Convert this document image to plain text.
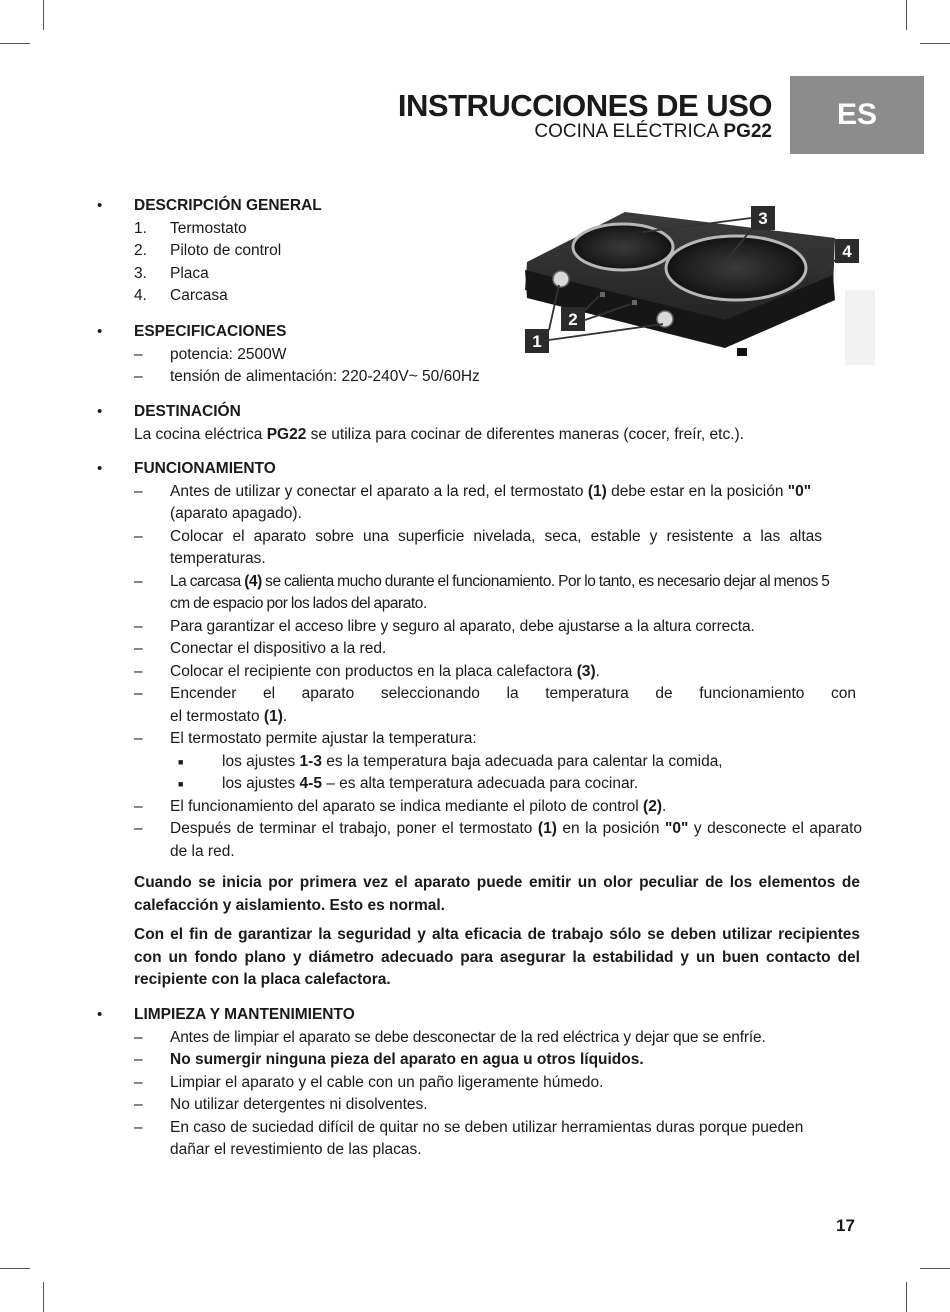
INSTRUCCIONES DE USO
COCINA ELÉCTRICA PG22
ES
1
2
3
4
• DESCRIPCIÓN GENERAL
1.	Termostato
2.	Piloto de control
3.	Placa
4.	Carcasa
• ESPECIFICACIONES
–	potencia: 2500W
–	tensión de alimentación: 220-240V~ 50/60Hz
• DESTINACIÓN
La cocina eléctrica PG22 se utiliza para cocinar de diferentes maneras (cocer, freír, etc.).
• FUNCIONAMIENTO
–	Antes de utilizar y conectar el aparato a la red, el termostato (1) debe estar en la posición "0" (aparato apagado).
–	Colocar el aparato sobre una superficie nivelada, seca, estable y resistente a las altas temperaturas.
–	La carcasa (4) se calienta mucho durante el funcionamiento. Por lo tanto, es necesario dejar al menos 5 cm de espacio por los lados del aparato.
–	Para garantizar el acceso libre y seguro al aparato, debe ajustarse a la altura correcta.
–	Conectar el dispositivo a la red.
–	Colocar el recipiente con productos en la placa calefactora (3).
–	Encender el aparato seleccionando la temperatura de funcionamiento con
el termostato (1).
–	El termostato permite ajustar la temperatura:
■	los ajustes 1-3 es la temperatura baja adecuada para calentar la comida,
■	los ajustes 4-5 – es alta temperatura adecuada para cocinar.
–	El funcionamiento del aparato se indica mediante el piloto de control (2).
–	Después de terminar el trabajo, poner el termostato (1) en la posición "0" y desconecte el aparato de la red.
Cuando se inicia por primera vez el aparato puede emitir un olor peculiar de los elementos de calefacción y aislamiento. Esto es normal.
Con el fin de garantizar la seguridad y alta eficacia de trabajo sólo se deben utilizar recipientes con un fondo plano y diámetro adecuado para asegurar la estabilidad y un buen contacto del recipiente con la placa calefactora.
• LIMPIEZA Y MANTENIMIENTO
–	Antes de limpiar el aparato se debe desconectar de la red eléctrica y dejar que se enfríe.
–	No sumergir ninguna pieza del aparato en agua u otros líquidos.
–	Limpiar el aparato y el cable con un paño ligeramente húmedo.
–	No utilizar detergentes ni disolventes.
–	En caso de suciedad difícil de quitar no se deben utilizar herramientas duras porque pueden dañar el revestimiento de las placas.
17
